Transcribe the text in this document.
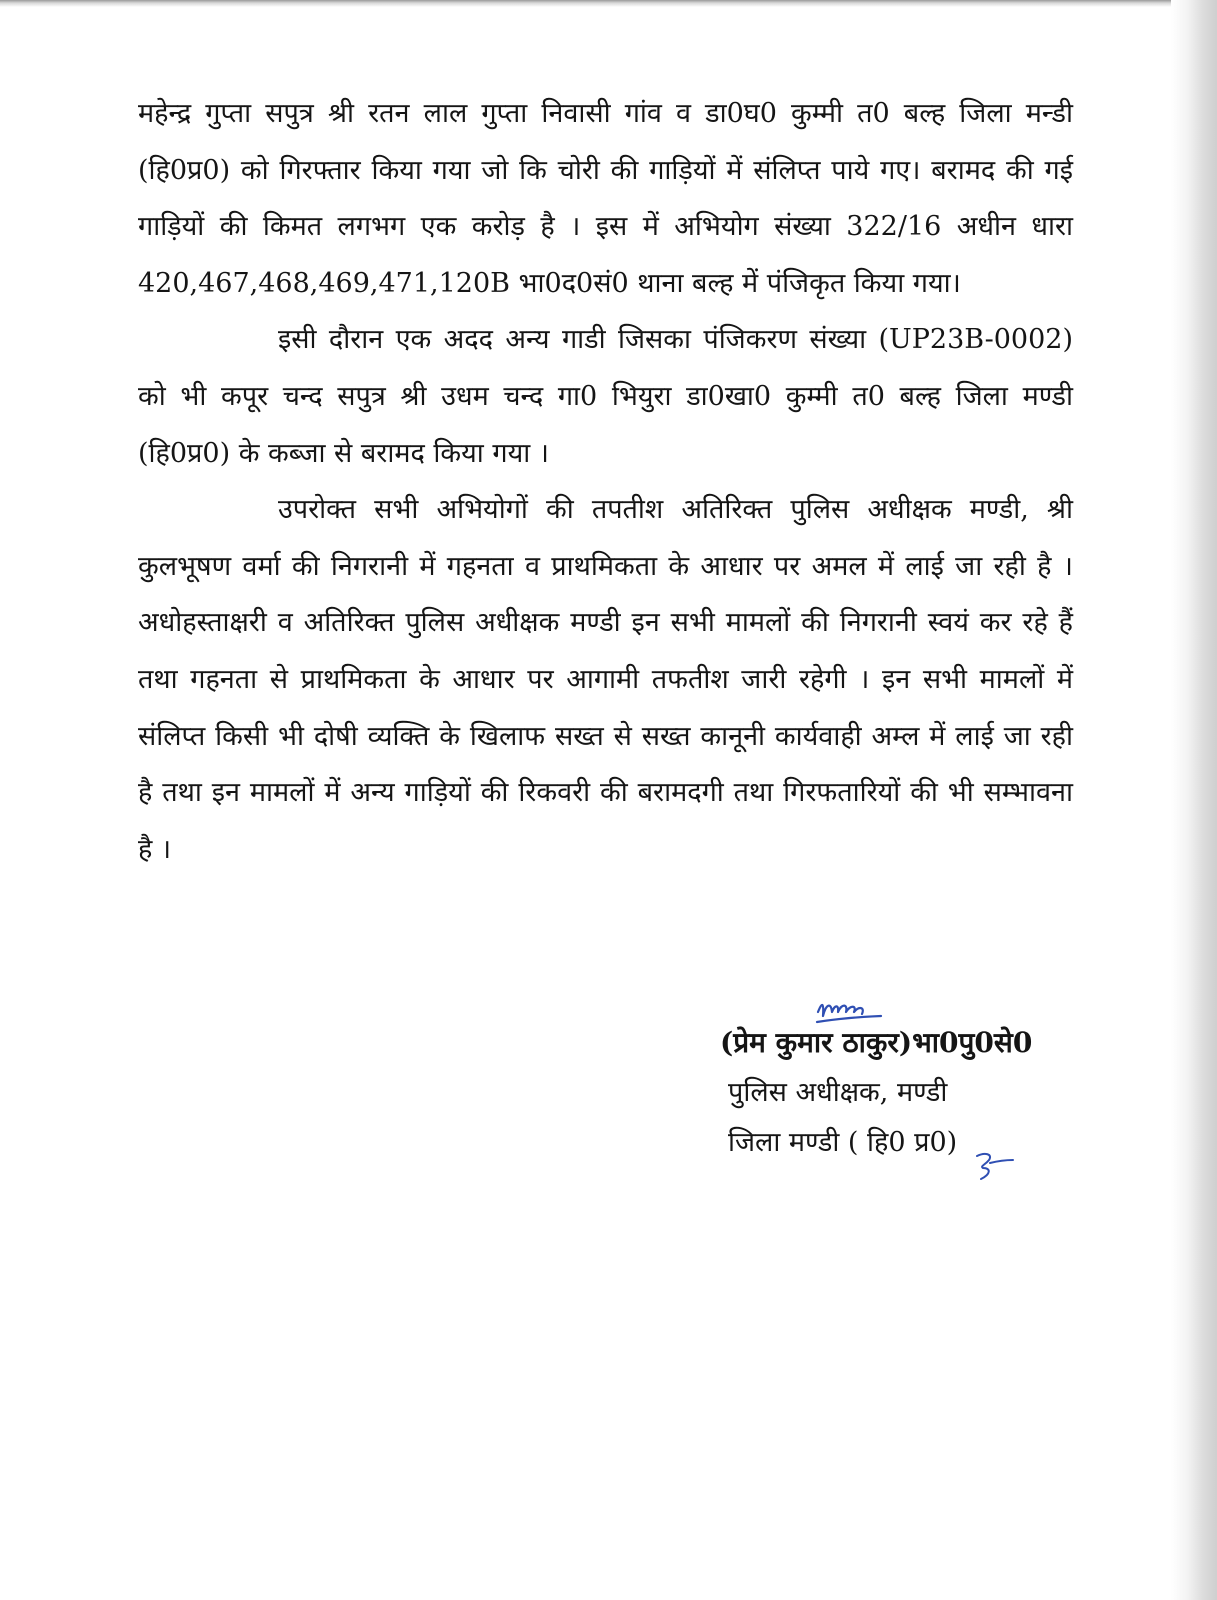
महेन्द्र गुप्ता सपुत्र श्री रतन लाल गुप्ता निवासी गांव व डा0घ0 कुम्मी त0 बल्ह जिला मन्डी (हि0प्र0) को गिरफ्तार किया गया जो कि चोरी की गाड़ियों में संलिप्त पाये गए। बरामद की गई गाड़ियों की किमत लगभग एक करोड़ है । इस में अभियोग संख्या 322/16 अधीन धारा 420,467,468,469,471,120B भा0द0सं0 थाना बल्ह में पंजिकृत किया गया।

इसी दौरान एक अदद अन्य गाडी जिसका पंजिकरण संख्या (UP23B-0002) को भी कपूर चन्द सपुत्र श्री उधम चन्द गा0 भियुरा डा0खा0 कुम्मी त0 बल्ह जिला मण्डी (हि0प्र0) के कब्जा से बरामद किया गया ।

उपरोक्त सभी अभियोगों की तपतीश अतिरिक्त पुलिस अधीक्षक मण्डी, श्री कुलभूषण वर्मा की निगरानी में गहनता व प्राथमिकता के आधार पर अमल में लाई जा रही है । अधोहस्ताक्षरी व अतिरिक्त पुलिस अधीक्षक मण्डी इन सभी मामलों की निगरानी स्वयं कर रहे हैं तथा गहनता से प्राथमिकता के आधार पर आगामी तफतीश जारी रहेगी । इन सभी मामलों में संलिप्त किसी भी दोषी व्यक्ति के खिलाफ सख्त से सख्त कानूनी कार्यवाही अम्ल में लाई जा रही है तथा इन मामलों में अन्य गाड़ियों की रिकवरी की बरामदगी तथा गिरफतारियों की भी सम्भावना है ।

(प्रेम कुमार ठाकुर)भा0पु0से0
पुलिस अधीक्षक, मण्डी
जिला मण्डी ( हि0 प्र0)
